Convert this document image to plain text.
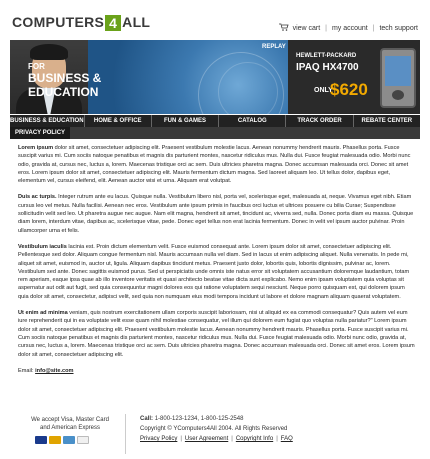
COMPUTERS 4 ALL	view cart | my account | tech support
FOR
BUSINESS &
EDUCATION
REPLAY
HEWLETT-PACKARD
IPAQ HX4700
ONLY
$620
BUSINESS & EDUCATION	HOME & OFFICE	FUN & GAMES	CATALOG	TRACK ORDER	REBATE CENTER
PRIVACY POLICY

Lorem ipsum dolor sit amet, consectetuer adipiscing elit. Praesent vestibulum molestie lacus. Aenean nonummy hendrerit mauris. Phasellus porta. Fusce suscipit varius mi. Cum sociis natoque penatibus et magnis dis parturient montes, nascetur ridiculus mus. Nulla dui. Fusce feugiat malesuada odio. Morbi nunc odio, gravida at, cursus nec, luctus a, lorem. Maecenas tristique orci ac sem. Duis ultricies pharetra magna. Donec accumsan malesuada orci. Donec sit amet eros. Lorem ipsum dolor sit amet, consectetuer adipiscing elit. Mauris fermentum dictum magna. Sed laoreet aliquam leo. Ut tellus dolor, dapibus eget, elementum vel, cursus eleifend, elit. Aenean auctor wisi et urna. Aliquam erat volutpat.

Duis ac turpis. Integer rutrum ante eu lacus. Quisque nulla. Vestibulum libero nisl, porta vel, scelerisque eget, malesuada at, neque. Vivamus eget nibh. Etiam cursus leo vel metus. Nulla facilisi. Aenean nec eros. Vestibulum ante ipsum primis in faucibus orci luctus et ultrices posuere cu bilia Curae; Suspendisse sollicitudin velit sed leo. Ut pharetra augue nec augue. Nam elit magna, hendrerit sit amet, tincidunt ac, viverra sed, nulla. Donec porta diam eu massa. Quisque diam lorem, interdum vitae, dapibus ac, scelerisque vitae, pede. Donec eget tellus non erat lacinia fermentum. Donec in velit vel ipsum auctor pulvinar. Proin ullamcorper urna et felis.

Vestibulum iaculis lacinia est. Proin dictum elementum velit. Fusce euismod consequat ante. Lorem ipsum dolor sit amet, consectetuer adipiscing elit. Pellentesque sed dolor. Aliquam congue fermentum nisl. Mauris accumsan nulla vel diam. Sed in lacus ut enim adipiscing aliquet. Nulla venenatis. In pede mi, aliquet sit amet, euismod in, auctor ut, ligula. Aliquam dapibus tincidunt metus. Praesent justo dolor, lobortis quis, lobortis dignissim, pulvinar ac, lorem. Vestibulum sed ante. Donec sagittis euismod purus. Sed ut perspiciatis unde omnis iste natus error sit voluptatem accusantium doloremque laudantium, totam rem aperiam, eaque ipsa quae ab illo inventore veritatis et quasi architecto beatae vitae dicta sunt explicabo. Nemo enim ipsam voluptatem quia voluptas sit aspernatur aut odit aut fugit, sed quia consequuntur magni dolores eos qui ratione voluptatem sequi nesciunt. Neque porro quisquam est, qui dolorem ipsum quia dolor sit amet, consectetur, adipisci velit, sed quia non numquam eius modi tempora incidunt ut labore et dolore magnam aliquam quaerat voluptatem.

Ut enim ad minima veniam, quis nostrum exercitationem ullam corporis suscipit laboriosam, nisi ut aliquid ex ea commodi consequatur? Quis autem vel eum iure reprehenderit qui in ea voluptate velit esse quam nihil molestiae consequatur, vel illum qui dolorem eum fugiat quo voluptas nulla pariatur?" Lorem ipsum dolor sit amet, consectetuer adipiscing elit. Praesent vestibulum molestie lacus. Aenean nonummy hendrerit mauris. Phasellus porta. Fusce suscipit varius mi. Cum sociis natoque penatibus et magnis dis parturient montes, nascetur ridiculus mus. Nulla dui. Fusce feugiat malesuada odio. Morbi nunc odio, gravida at, cursus nec, luctus a, lorem. Maecenas tristique orci ac sem. Duis ultricies pharetra magna. Donec accumsan malesuada orci. Donec sit amet eros. Lorem ipsum dolor sit amet, consectetuer adipiscing elit.

Email: info@site.com
We accept Visa, Master Card
and American Express
Call: 1-800-123-1234, 1-800-125-2548
Copyright © YComputers4All 2004. All Rights Reserved
Privacy Policy | User Agreement | Copyright Info | FAQ
